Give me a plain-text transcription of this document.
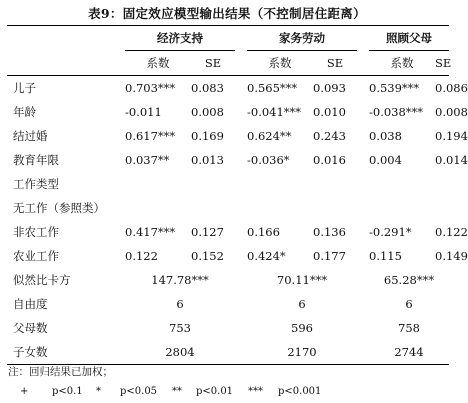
表9：固定效应模型输出结果（不控制居住距离）
	经济支持			家务劳动			照顾父母	
	系数	SE		系数	SE		系数	SE
儿子	0.703***	0.083		0.565***	0.093		0.539***	0.086
年龄	-0.011	0.008		-0.041***	0.010		-0.038***	0.008
结过婚	0.617***	0.169		0.624**	0.243		0.038	0.194
教育年限	0.037**	0.013		-0.036*	0.016		0.004	0.014
工作类型								
无工作（参照类）								
非农工作	0.417***	0.127		0.166	0.136		-0.291*	0.122
农业工作	0.122	0.152		0.424*	0.177		0.115	0.149
似然比卡方	147.78***			70.11***			65.28***	
自由度	6			6			6	
父母数	753			596			758	
子女数	2804			2170			2744	
注：回归结果已加权；
+	p<0.1	*	p<0.05	**	p<0.01	***	p<0.001
